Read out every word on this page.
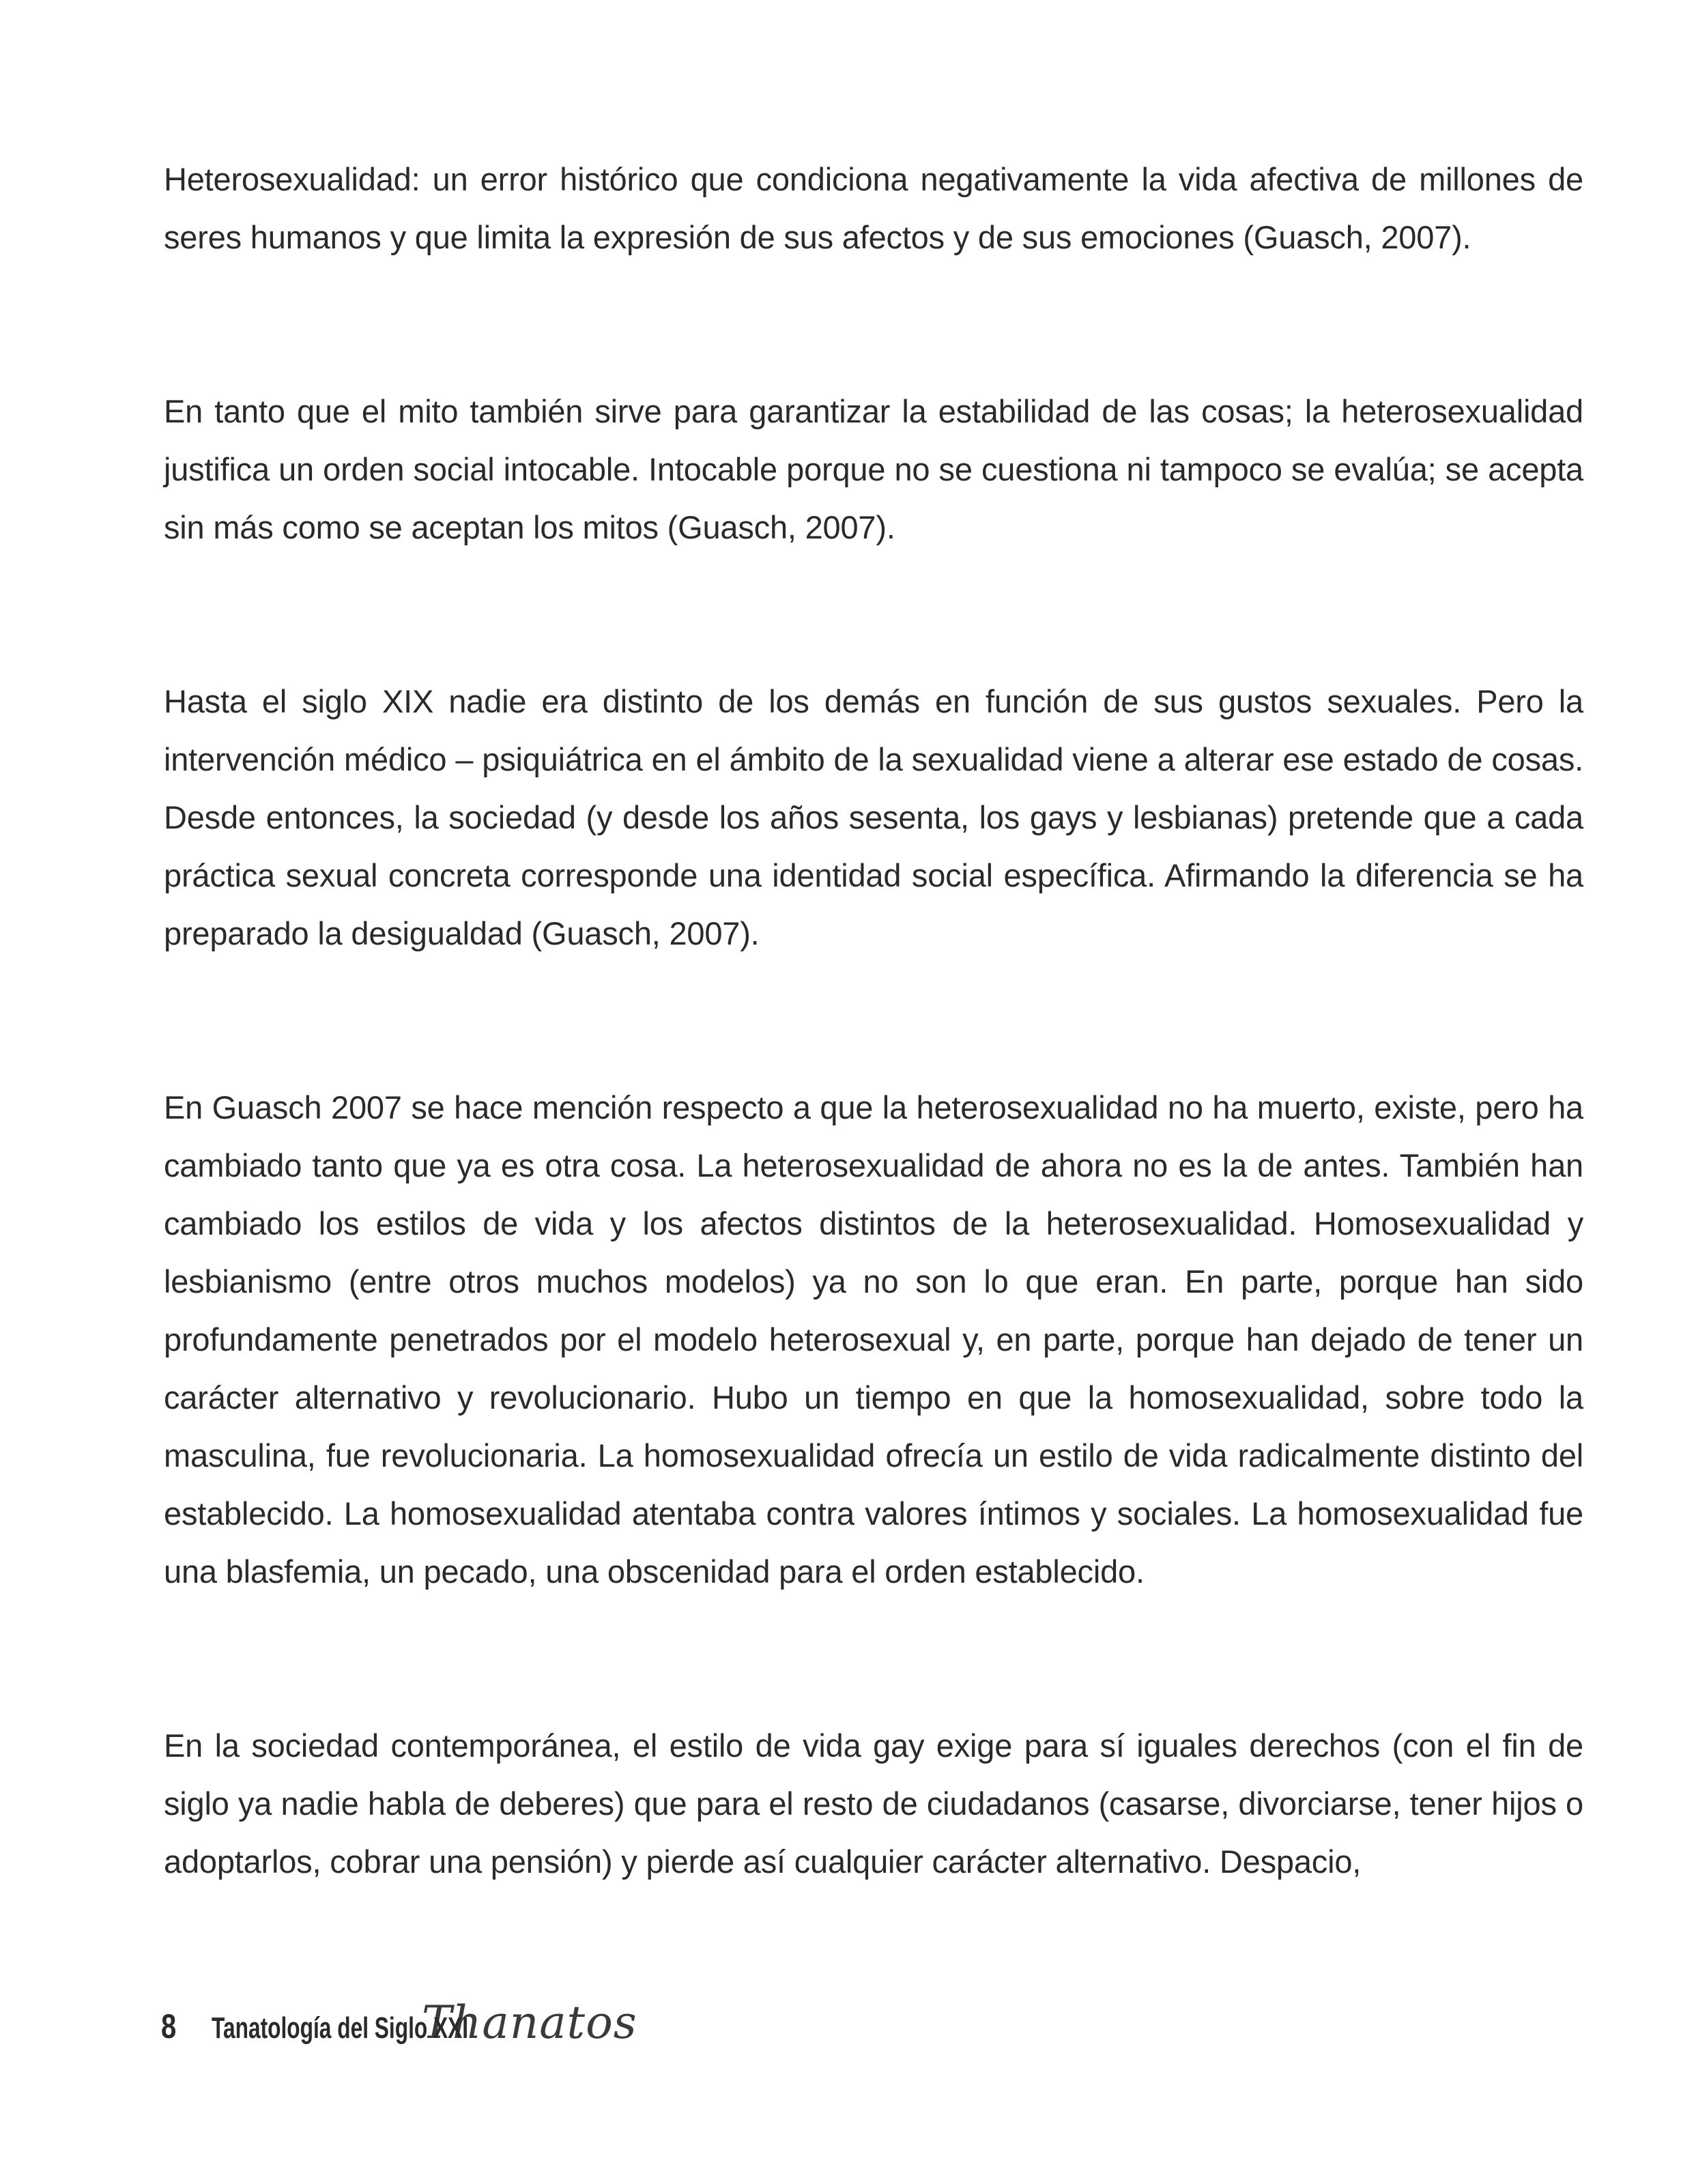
Heterosexualidad: un error histórico que condiciona negativamente la vida afectiva de millones de seres humanos y que limita la expresión de sus afectos y de sus emociones (Guasch, 2007).

En tanto que el mito también sirve para garantizar la estabilidad de las cosas; la heterosexualidad justifica un orden social intocable. Intocable porque no se cuestiona ni tampoco se evalúa; se acepta sin más como se aceptan los mitos (Guasch, 2007).

Hasta el siglo XIX nadie era distinto de los demás en función de sus gustos sexuales. Pero la intervención médico – psiquiátrica en el ámbito de la sexualidad viene a alterar ese estado de cosas. Desde entonces, la sociedad (y desde los años sesenta, los gays y lesbianas) pretende que a cada práctica sexual concreta corresponde una identidad social específica. Afirmando la diferencia se ha preparado la desigualdad (Guasch, 2007).

En Guasch 2007 se hace mención respecto a que la heterosexualidad no ha muerto, existe, pero ha cambiado tanto que ya es otra cosa. La heterosexualidad de ahora no es la de antes. También han cambiado los estilos de vida y los afectos distintos de la heterosexualidad. Homosexualidad y lesbianismo (entre otros muchos modelos) ya no son lo que eran. En parte, porque han sido profundamente penetrados por el modelo heterosexual y, en parte, porque han dejado de tener un carácter alternativo y revolucionario. Hubo un tiempo en que la homosexualidad, sobre todo la masculina, fue revolucionaria. La homosexualidad ofrecía un estilo de vida radicalmente distinto del establecido. La homosexualidad atentaba contra valores íntimos y sociales. La homosexualidad fue una blasfemia, un pecado, una obscenidad para el orden establecido.

En la sociedad contemporánea, el estilo de vida gay exige para sí iguales derechos (con el fin de siglo ya nadie habla de deberes) que para el resto de ciudadanos (casarse, divorciarse, tener hijos o adoptarlos, cobrar una pensión) y pierde así cualquier carácter alternativo. Despacio,

8 Tanatología del Siglo XXI
Thanatos
